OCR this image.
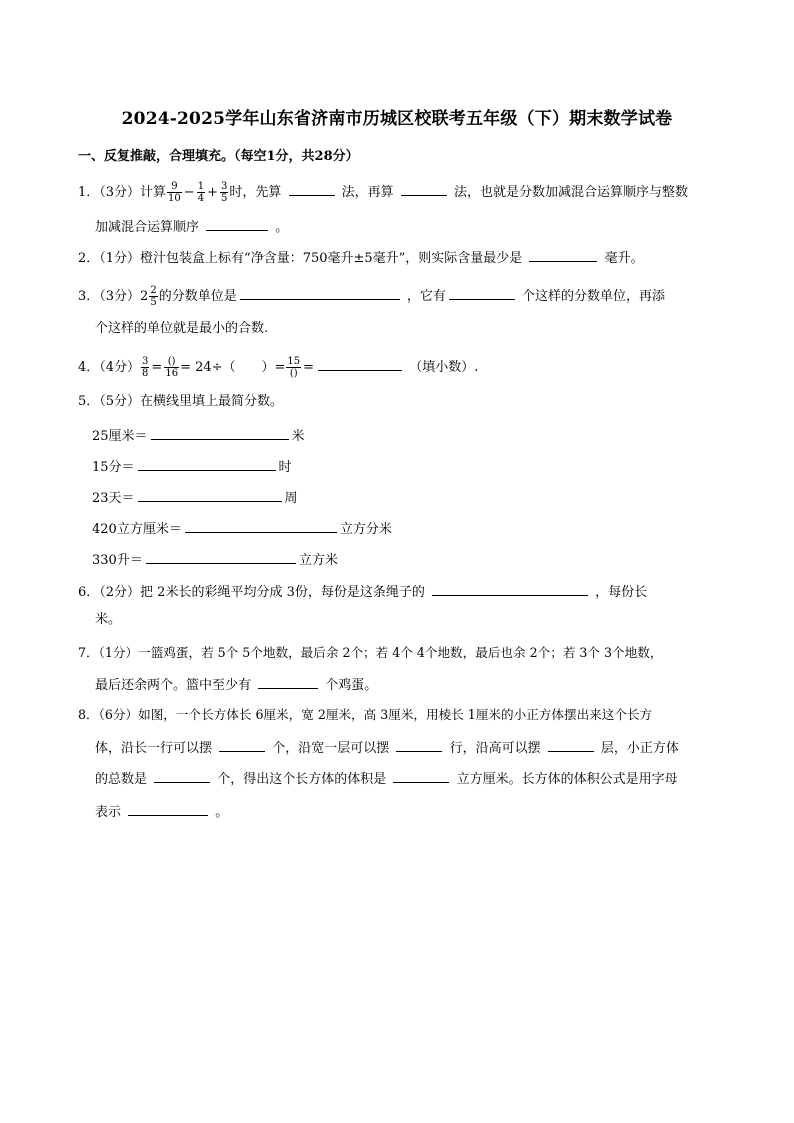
2024-2025学年山东省济南市历城区校联考五年级（下）期末数学试卷
一、反复推敲，合理填充。（每空1分，共28分）
1．（3分）计算 $\frac{9}{10} - \frac{1}{4} + \frac{3}{5}$ 时，先算	法，再算	法，也就是分数加减混合运算顺序与整数
加减混合运算顺序	。
2．（1分）橙汁包装盒上标有“净含量：750毫升±5毫升”，则实际含量最少是	毫升。
3．（3分）$2 \frac{2}{5}$ 的分数单位是	，它有	个这样的分数单位，再添
个这样的单位就是最小的合数.
4．（4分） $\frac{3}{8} = \frac{()}{16} = 24\div$（　　）= $\frac{15}{()}$ =	（填小数）.
5．（5分）在横线里填上最简分数。
25厘米＝	米
15分＝	时
23天＝	周
420立方厘米＝	立方分米
330升＝	立方米
6．（2分）把 2米长的彩绳平均分成 3份，每份是这条绳子的	，每份长
米。
7．（1分）一篮鸡蛋，若 5个 5个地数，最后余 2个；若 4个 4个地数，最后也余 2个；若 3个 3个地数，
最后还余两个。篮中至少有	个鸡蛋。
8．（6分）如图，一个长方体长 6厘米，宽 2厘米，高 3厘米，用棱长 1厘米的小正方体摆出来这个长方
体，沿长一行可以摆	个，沿宽一层可以摆	行，沿高可以摆	层，小正方体
的总数是	个，得出这个长方体的体积是	立方厘米。长方体的体积公式是用字母
表示	。
